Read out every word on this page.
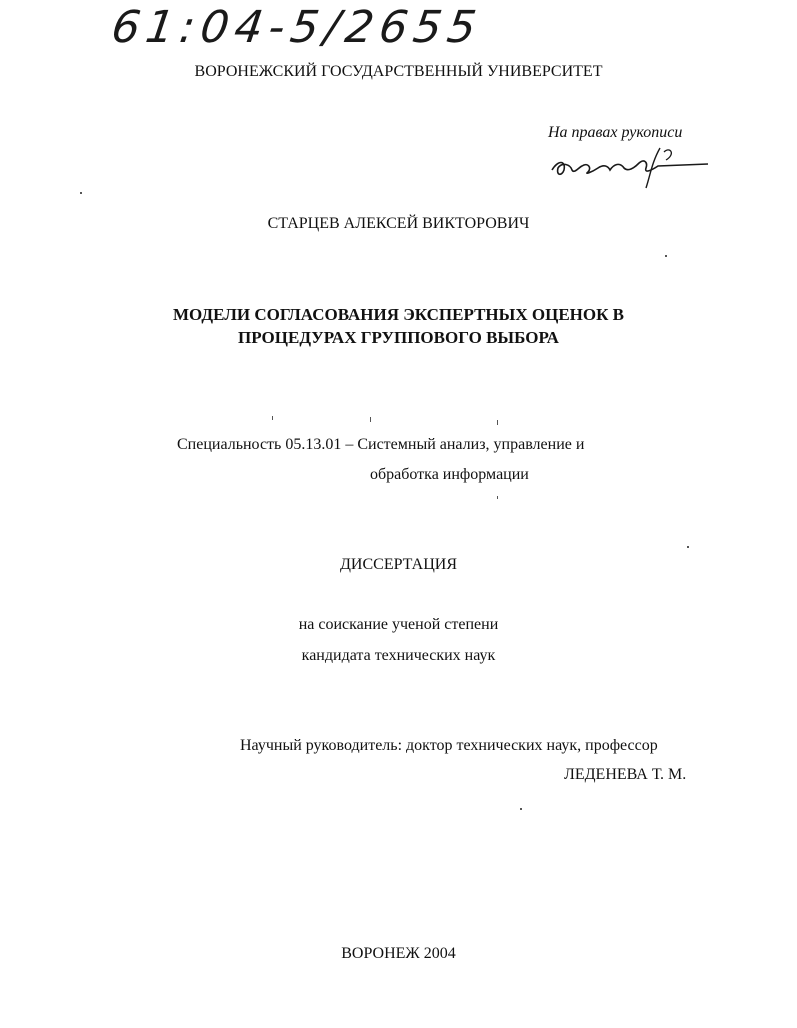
61:04-5/2655
ВОРОНЕЖСКИЙ ГОСУДАРСТВЕННЫЙ УНИВЕРСИТЕТ
На правах рукописи
СТАРЦЕВ АЛЕКСЕЙ ВИКТОРОВИЧ
МОДЕЛИ СОГЛАСОВАНИЯ ЭКСПЕРТНЫХ ОЦЕНОК В
ПРОЦЕДУРАХ ГРУППОВОГО ВЫБОРА
Специальность 05.13.01 – Системный анализ, управление и
обработка информации
ДИССЕРТАЦИЯ
на соискание ученой степени
кандидата технических наук
Научный руководитель: доктор технических наук, профессор
ЛЕДЕНЕВА Т. М.
ВОРОНЕЖ 2004
